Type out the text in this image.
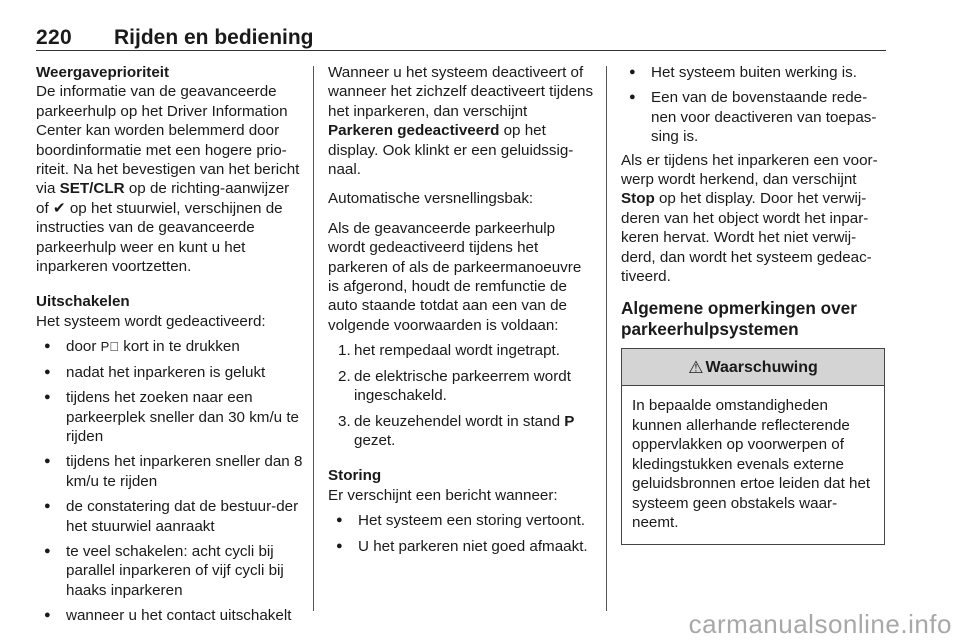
220 Rijden en bediening

Weergaveprioriteit

De informatie van de geavanceerde parkeerhulp op het Driver Information Center kan worden belemmerd door boordinformatie met een hogere prio-riteit. Na het bevestigen van het bericht via SET/CLR op de richting-aanwijzer of ✔ op het stuurwiel, verschijnen de instructies van de geavanceerde parkeerhulp weer en kunt u het inparkeren voortzetten.

Uitschakelen

Het systeem wordt gedeactiveerd:

● door P⃞ kort in te drukken
● nadat het inparkeren is gelukt
● tijdens het zoeken naar een parkeerplek sneller dan 30 km/u te rijden
● tijdens het inparkeren sneller dan 8 km/u te rijden
● de constatering dat de bestuur-der het stuurwiel aanraakt
● te veel schakelen: acht cycli bij parallel inparkeren of vijf cycli bij haaks inparkeren
● wanneer u het contact uitschakelt

Wanneer u het systeem deactiveert of wanneer het zichzelf deactiveert tijdens het inparkeren, dan verschijnt Parkeren gedeactiveerd op het display. Ook klinkt er een geluidssig-naal.

Automatische versnellingsbak:

Als de geavanceerde parkeerhulp wordt gedeactiveerd tijdens het parkeren of als de parkeermanoeuvre is afgerond, houdt de remfunctie de auto staande totdat aan een van de volgende voorwaarden is voldaan:

1. het rempedaal wordt ingetrapt.
2. de elektrische parkeerrem wordt ingeschakeld.
3. de keuzehendel wordt in stand P gezet.

Storing

Er verschijnt een bericht wanneer:

● Het systeem een storing vertoont.
● U het parkeren niet goed afmaakt.
● Het systeem buiten werking is.
● Een van de bovenstaande rede-nen voor deactiveren van toepas-sing is.

Als er tijdens het inparkeren een voor-werp wordt herkend, dan verschijnt Stop op het display. Door het verwij-deren van het object wordt het inpar-keren hervat. Wordt het niet verwij-derd, dan wordt het systeem gedeac-tiveerd.

Algemene opmerkingen over parkeerhulpsystemen

⚠ Waarschuwing
In bepaalde omstandigheden kunnen allerhande reflecterende oppervlakken op voorwerpen of kledingstukken evenals externe geluidsbronnen ertoe leiden dat het systeem geen obstakels waar-neemt.
carmanualsonline.info
